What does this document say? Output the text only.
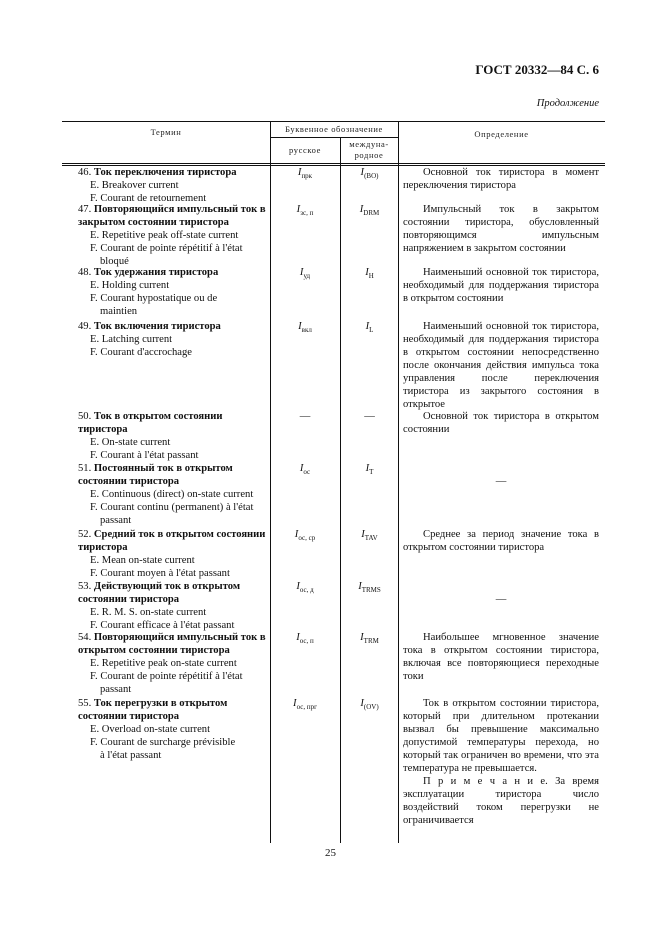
ГОСТ 20332—84 С. 6
Продолжение
Термин	Буквенное обозначение
русское
междуна-родное
Определение
46. Ток переключения тиристора
E. Breakover current
F. Courant de retournement
$I_{прк}$	$I_{(BO)}$	Основной ток тиристора в момент переключения тиристора

47. Повторяющийся импульсный ток в закрытом состоянии тиристора
E. Repetitive peak off-state current
F. Courant de pointe répétitif à l'état
bloqué
$I_{зс, п}$	$I_{DRM}$	Импульсный ток в закрытом состоянии тиристора, обусловленный повторяющимся импульсным напряжением в закрытом состоянии

48. Ток удержания тиристора
E. Holding current
F. Courant hypostatique ou de
maintien
$I_{уд}$	$I_H$	Наименьший основной ток тиристора, необходимый для поддержания тиристора в открытом состоянии

49. Ток включения тиристора
E. Latching current
F. Courant d'accrochage
$I_{вкл}$	$I_L$	Наименьший основной ток тиристора, необходимый для поддержания тиристора в открытом состоянии непосредственно после окончания действия импульса тока управления после переключения тиристора из закрытого состояния в открытое

50. Ток в открытом состоянии тиристора
E. On-state current
F. Courant à l'état passant
—	—	Основной ток тиристора в открытом состоянии

51. Постоянный ток в открытом состоянии тиристора
E. Continuous (direct) on-state current
F. Courant continu (permanent) à l'état
passant
$I_{ос}$	$I_T$

—

52. Средний ток в открытом состоянии тиристора
E. Mean on-state current
F. Courant moyen à l'état passant
$I_{ос, ср}$	$I_{TAV}$	Среднее за период значение тока в открытом состоянии тиристора

53. Действующий ток в открытом состоянии тиристора
E. R. M. S. on-state current
F. Courant efficace à l'état passant
$I_{ос, д}$	$I_{TRMS}$

—

54. Повторяющийся импульсный ток в открытом состоянии тиристора
E. Repetitive peak on-state current
F. Courant de pointe répétitif à l'état
passant
$I_{ос, п}$	$I_{TRM}$	Наибольшее мгновенное значение тока в открытом состоянии тиристора, включая все повторяющиеся переходные токи

55. Ток перегрузки в открытом состоянии тиристора
E. Overload on-state current
F. Courant de surcharge prévisible
à l'état passant
$I_{ос, прг}$	$I_{(OV)}$	Ток в открытом состоянии тиристора, который при длительном протекании вызвал бы превышение максимально допустимой температуры перехода, но который так ограничен во времени, что эта температура не превышается.

П р и м е ч а н и е. За время эксплуатации тиристора число воздействий током перегрузки не ограничивается

25
